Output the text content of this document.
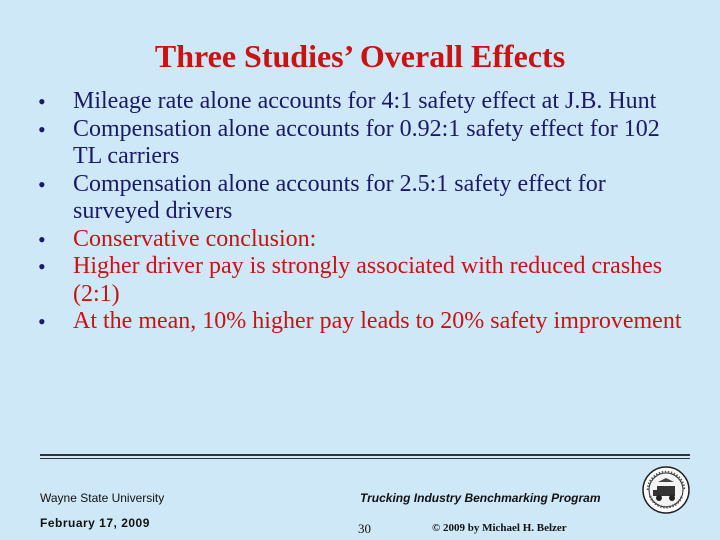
Three Studies’ Overall Effects
•	Mileage rate alone accounts for 4:1 safety effect at J.B. Hunt
•	Compensation alone accounts for 0.92:1 safety effect for 102 TL carriers
•	Compensation alone accounts for 2.5:1 safety effect for surveyed drivers
•	Conservative conclusion:
•	Higher driver pay is strongly associated with reduced crashes (2:1)
•	At the mean, 10% higher pay leads to 20% safety improvement
Wayne State University
February 17, 2009
Trucking Industry Benchmarking Program
30	© 2009 by Michael H. Belzer
